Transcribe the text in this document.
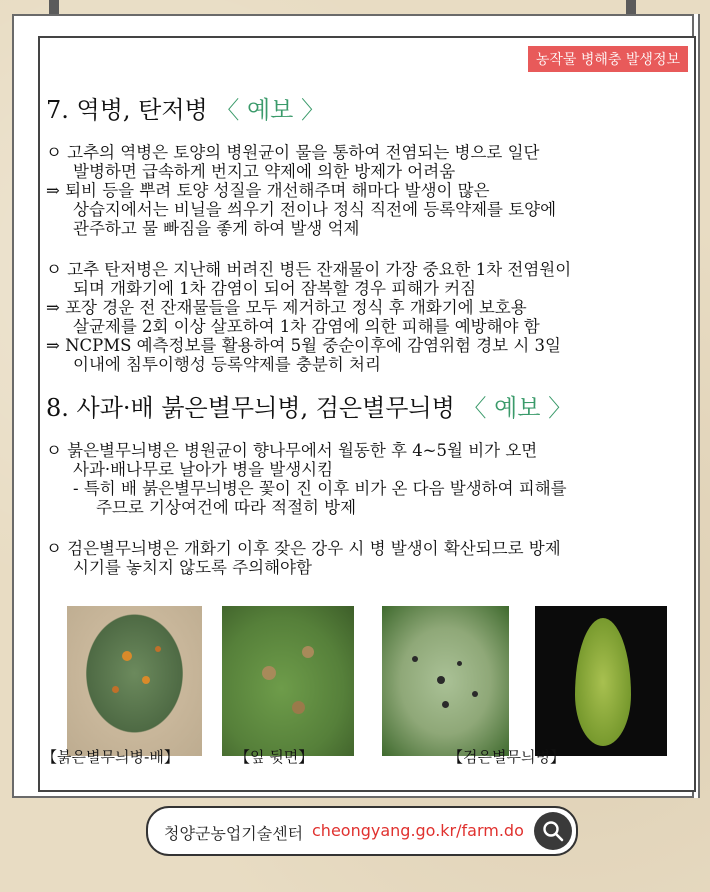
농작물 병해충 발생정보
7. 역병, 탄저병 〈 예보 〉

ㅇ 고추의 역병은 토양의 병원균이 물을 통하여 전염되는 병으로 일단

발병하면 급속하게 번지고 약제에 의한 방제가 어려움

⇒ 퇴비 등을 뿌려 토양 성질을 개선해주며 해마다 발생이 많은

상습지에서는 비닐을 씌우기 전이나 정식 직전에 등록약제를 토양에

관주하고 물 빠짐을 좋게 하여 발생 억제

ㅇ 고추 탄저병은 지난해 버려진 병든 잔재물이 가장 중요한 1차 전염원이

되며 개화기에 1차 감염이 되어 잠복할 경우 피해가 커짐

⇒ 포장 경운 전 잔재물들을 모두 제거하고 정식 후 개화기에 보호용

살균제를 2회 이상 살포하여 1차 감염에 의한 피해를 예방해야 함

⇒ NCPMS 예측정보를 활용하여 5월 중순이후에 감염위험 경보 시 3일

이내에 침투이행성 등록약제를 충분히 처리

8. 사과·배 붉은별무늬병, 검은별무늬병 〈 예보 〉

ㅇ 붉은별무늬병은 병원균이 향나무에서 월동한 후 4~5월 비가 오면

사과·배나무로 날아가 병을 발생시킴

- 특히 배 붉은별무늬병은 꽃이 진 이후 비가 온 다음 발생하여 피해를

주므로 기상여건에 따라 적절히 방제

ㅇ 검은별무늬병은 개화기 이후 잦은 강우 시 병 발생이 확산되므로 방제

시기를 놓치지 않도록 주의해야함

【붉은별무늬병-배】	【잎 뒷면】	【검은별무늬병】
청양군농업기술센터 cheongyang.go.kr/farm.do
